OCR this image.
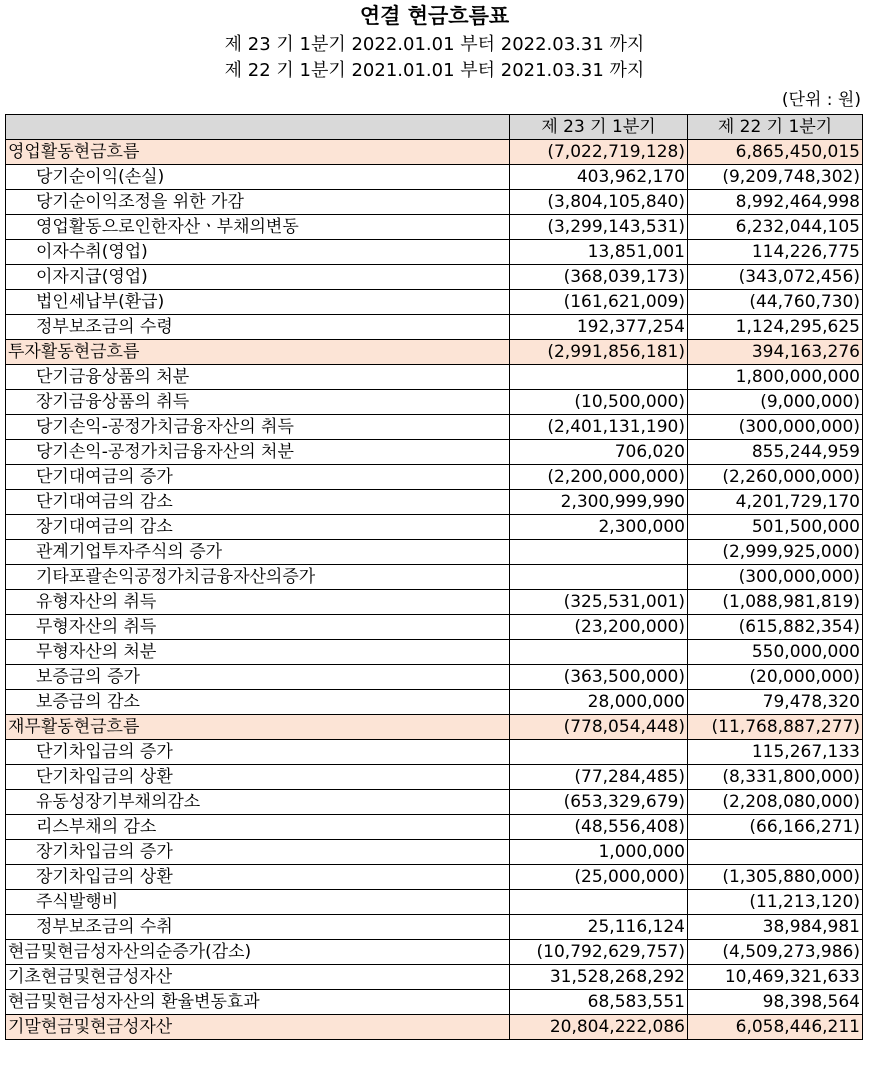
연결 현금흐름표
제 23 기 1분기 2022.01.01 부터 2022.03.31 까지
제 22 기 1분기 2021.01.01 부터 2021.03.31 까지
(단위 : 원)
	제 23 기 1분기	제 22 기 1분기
영업활동현금흐름	(7,022,719,128)	6,865,450,015
당기순이익(손실)	403,962,170	(9,209,748,302)
당기순이익조정을 위한 가감	(3,804,105,840)	8,992,464,998
영업활동으로인한자산ㆍ부채의변동	(3,299,143,531)	6,232,044,105
이자수취(영업)	13,851,001	114,226,775
이자지급(영업)	(368,039,173)	(343,072,456)
법인세납부(환급)	(161,621,009)	(44,760,730)
정부보조금의 수령	192,377,254	1,124,295,625
투자활동현금흐름	(2,991,856,181)	394,163,276
단기금융상품의 처분		1,800,000,000
장기금융상품의 취득	(10,500,000)	(9,000,000)
당기손익-공정가치금융자산의 취득	(2,401,131,190)	(300,000,000)
당기손익-공정가치금융자산의 처분	706,020	855,244,959
단기대여금의 증가	(2,200,000,000)	(2,260,000,000)
단기대여금의 감소	2,300,999,990	4,201,729,170
장기대여금의 감소	2,300,000	501,500,000
관계기업투자주식의 증가		(2,999,925,000)
기타포괄손익공정가치금융자산의증가		(300,000,000)
유형자산의 취득	(325,531,001)	(1,088,981,819)
무형자산의 취득	(23,200,000)	(615,882,354)
무형자산의 처분		550,000,000
보증금의 증가	(363,500,000)	(20,000,000)
보증금의 감소	28,000,000	79,478,320
재무활동현금흐름	(778,054,448)	(11,768,887,277)
단기차입금의 증가		115,267,133
단기차입금의 상환	(77,284,485)	(8,331,800,000)
유동성장기부채의감소	(653,329,679)	(2,208,080,000)
리스부채의 감소	(48,556,408)	(66,166,271)
장기차입금의 증가	1,000,000	
장기차입금의 상환	(25,000,000)	(1,305,880,000)
주식발행비		(11,213,120)
정부보조금의 수취	25,116,124	38,984,981
현금및현금성자산의순증가(감소)	(10,792,629,757)	(4,509,273,986)
기초현금및현금성자산	31,528,268,292	10,469,321,633
현금및현금성자산의 환율변동효과	68,583,551	98,398,564
기말현금및현금성자산	20,804,222,086	6,058,446,211
